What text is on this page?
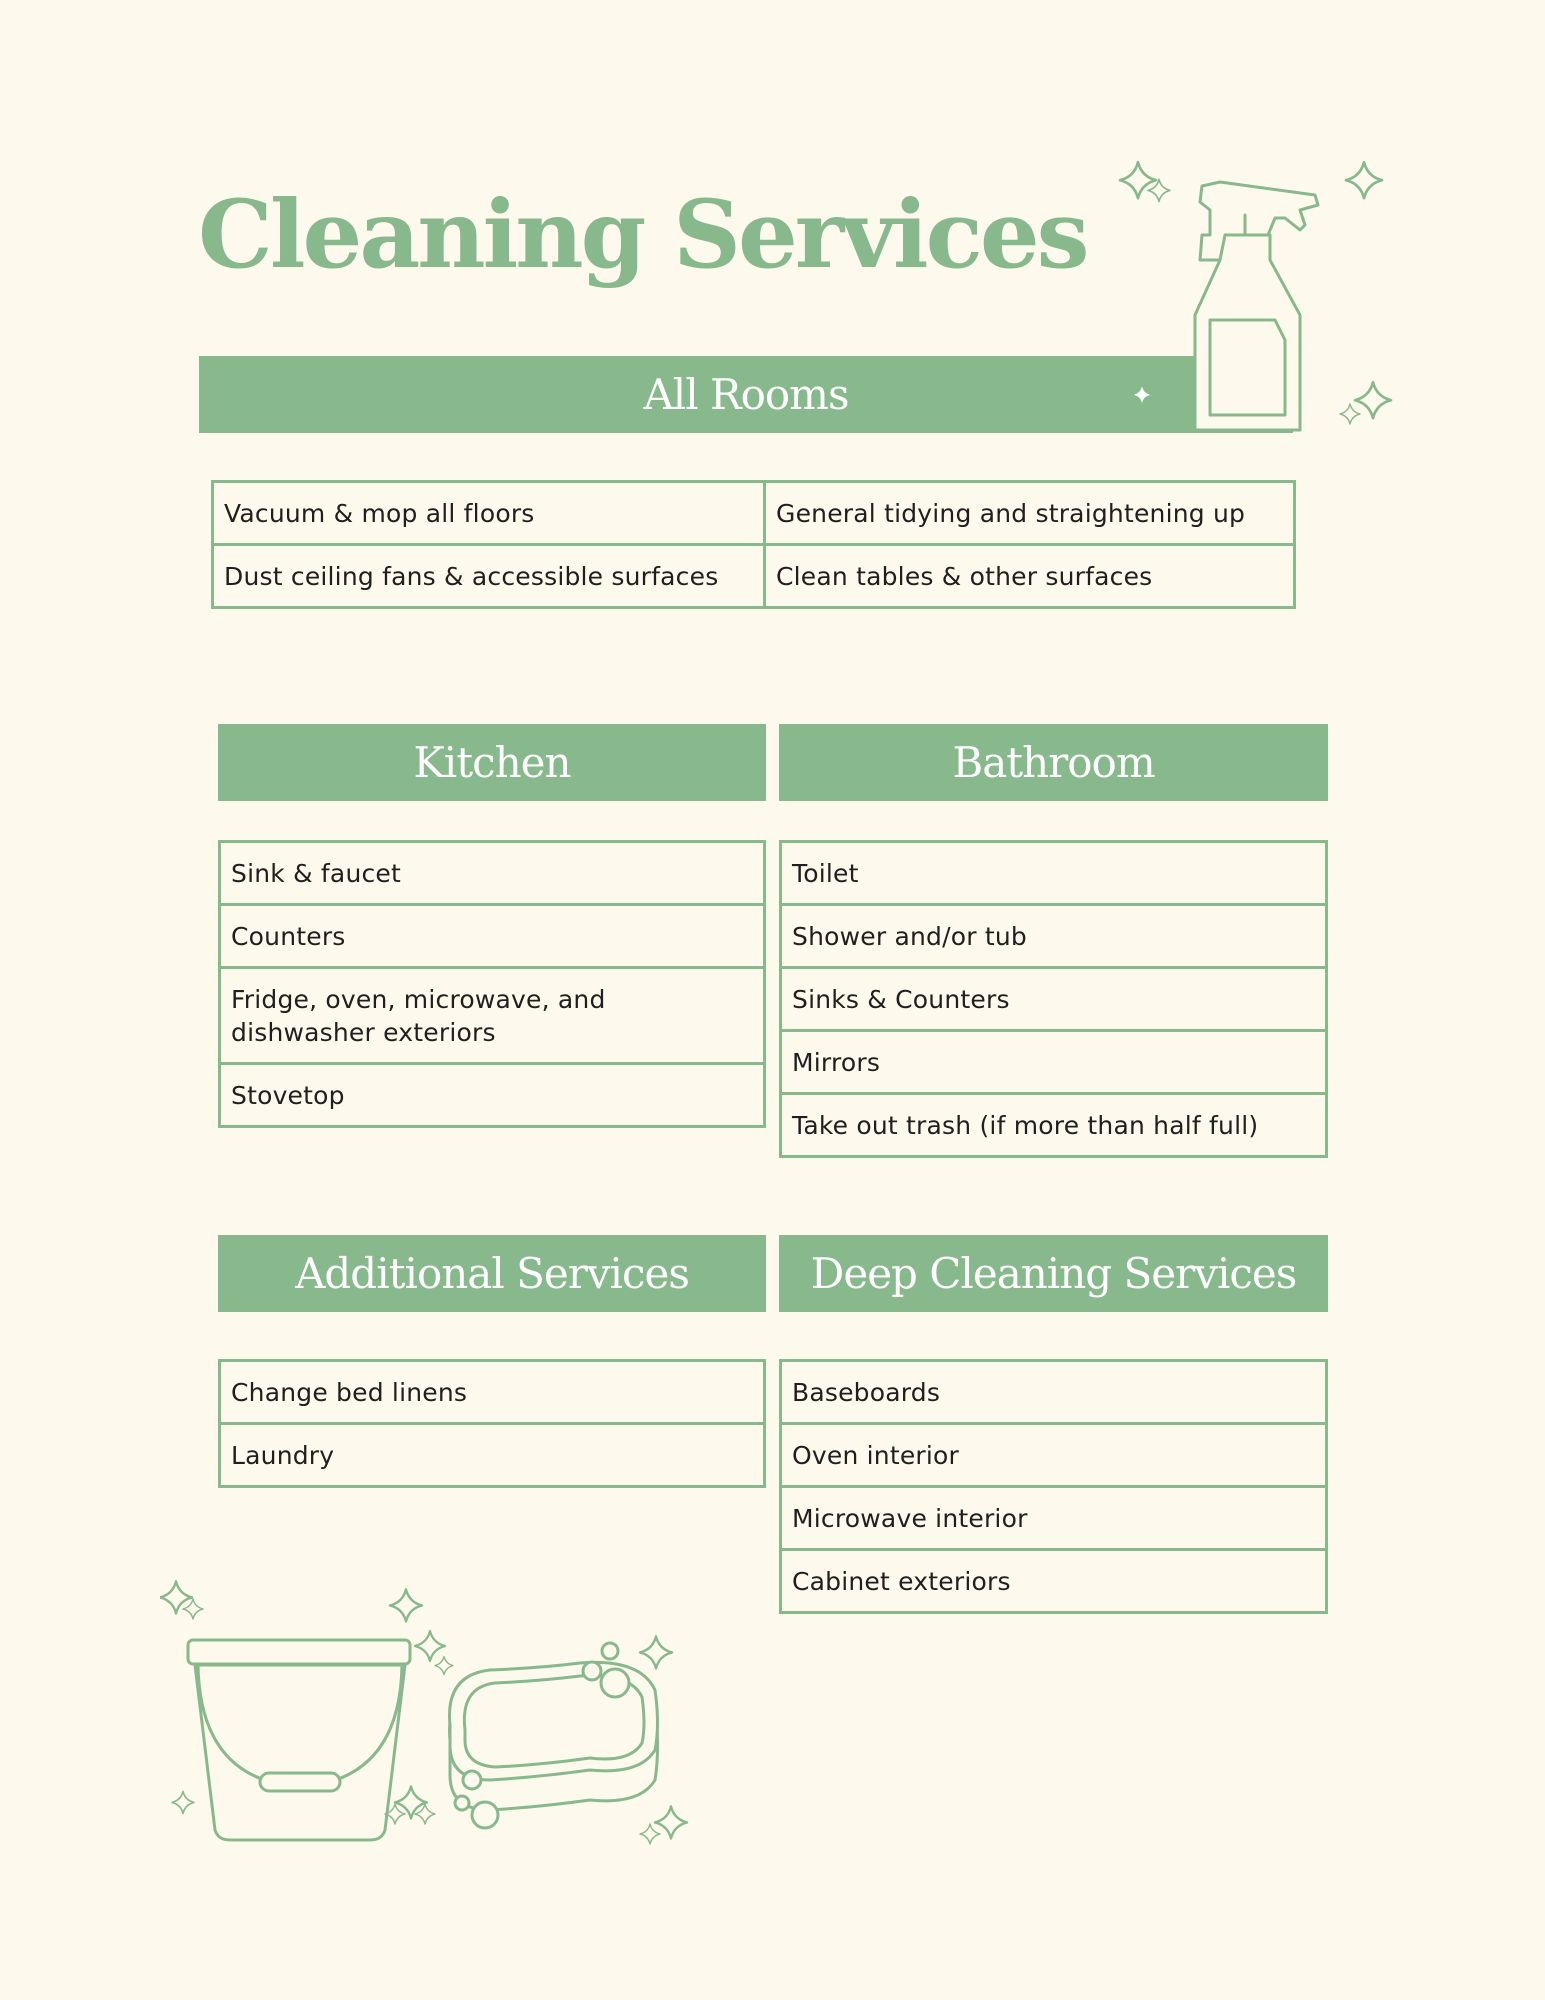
Cleaning Services
All Rooms
Vacuum & mop all floors	General tidying and straightening up
Dust ceiling fans & accessible surfaces	Clean tables & other surfaces
Kitchen
Sink & faucet
Counters
Fridge, oven, microwave, and dishwasher exteriors
Stovetop
Bathroom
Toilet
Shower and/or tub
Sinks & Counters
Mirrors
Take out trash (if more than half full)
Additional Services
Change bed linens
Laundry
Deep Cleaning Services
Baseboards
Oven interior
Microwave interior
Cabinet exteriors
